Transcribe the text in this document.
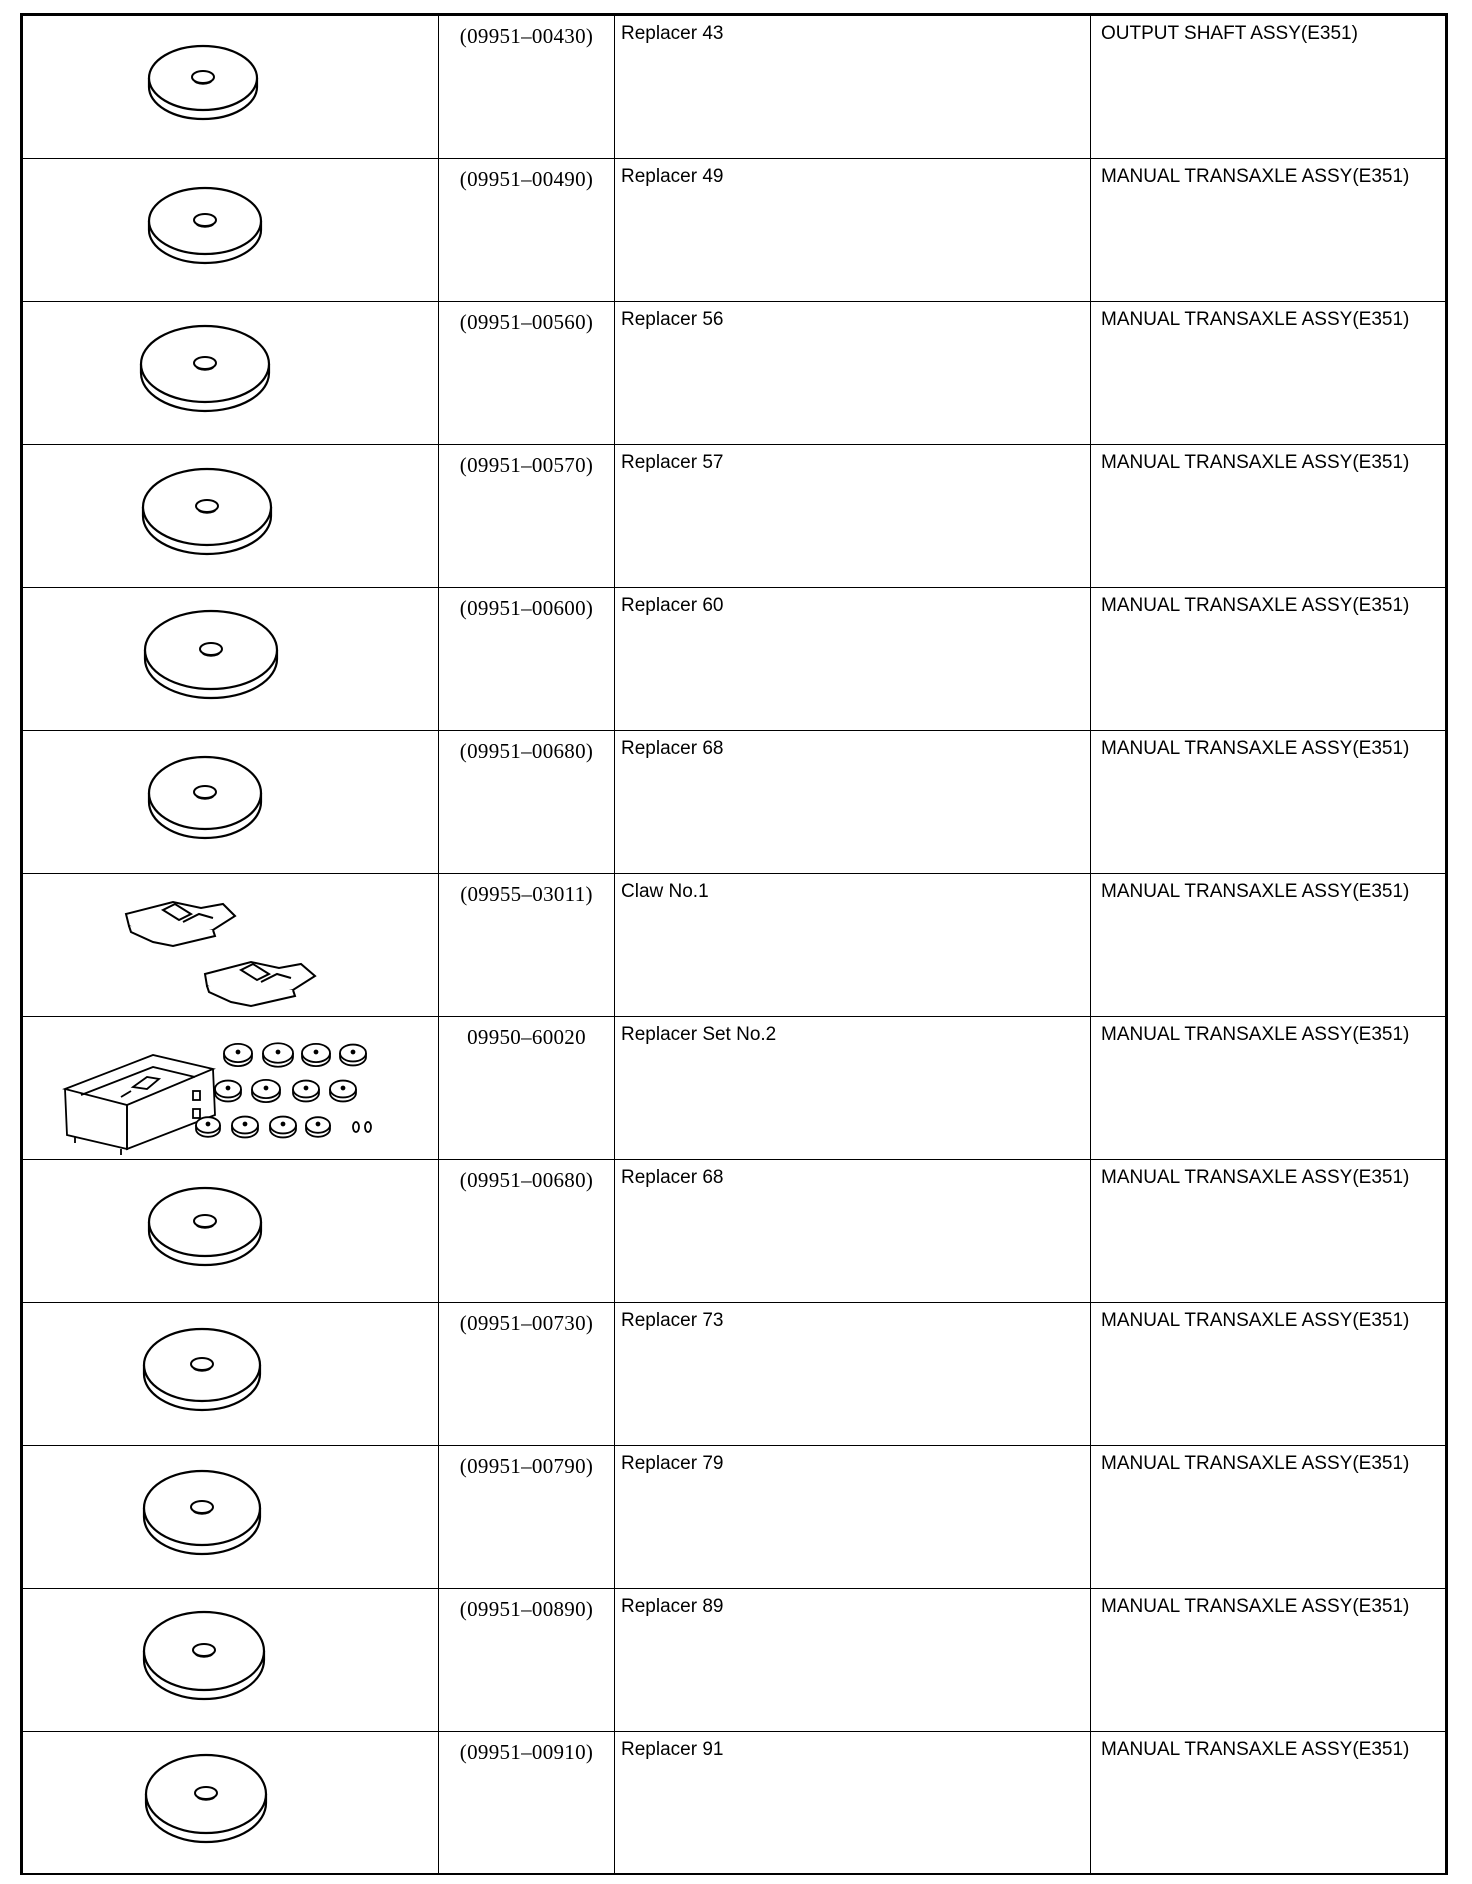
(09951–00430)	Replacer 43	OUTPUT SHAFT ASSY(E351)

(09951–00490)	Replacer 49	MANUAL TRANSAXLE ASSY(E351)

(09951–00560)	Replacer 56	MANUAL TRANSAXLE ASSY(E351)

(09951–00570)	Replacer 57	MANUAL TRANSAXLE ASSY(E351)

(09951–00600)	Replacer 60	MANUAL TRANSAXLE ASSY(E351)

(09951–00680)	Replacer 68	MANUAL TRANSAXLE ASSY(E351)

(09955–03011)	Claw No.1	MANUAL TRANSAXLE ASSY(E351)

09950–60020	Replacer Set No.2	MANUAL TRANSAXLE ASSY(E351)

(09951–00680)	Replacer 68	MANUAL TRANSAXLE ASSY(E351)

(09951–00730)	Replacer 73	MANUAL TRANSAXLE ASSY(E351)

(09951–00790)	Replacer 79	MANUAL TRANSAXLE ASSY(E351)

(09951–00890)	Replacer 89	MANUAL TRANSAXLE ASSY(E351)

(09951–00910)	Replacer 91	MANUAL TRANSAXLE ASSY(E351)
